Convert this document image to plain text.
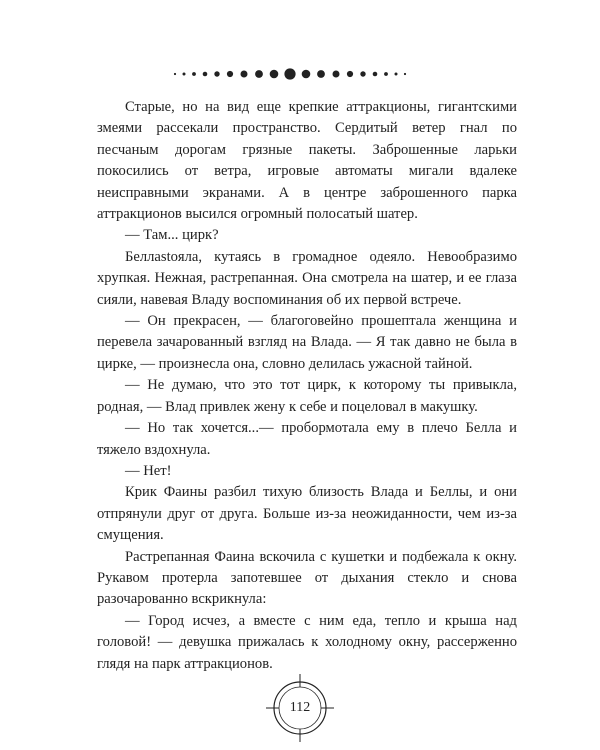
Старые, но на вид еще крепкие аттракционы, гигантскими змеями рассекали пространство. Сердитый ветер гнал по песчаным дорогам грязные пакеты. Заброшенные ларьки покосились от ветра, игровые автоматы мигали вдалеке неисправными экранами. А в центре заброшенного парка аттракционов высился огромный полосатый шатер.

— Там... цирк?

Беллastoяла, кутаясь в громадное одеяло. Невообразимо хрупкая. Нежная, растрепанная. Она смотрела на шатер, и ее глаза сияли, навевая Владу воспоминания об их первой встрече.

— Он прекрасен, — благоговейно прошептала женщина и перевела зачарованный взгляд на Влада. — Я так давно не была в цирке, — произнесла она, словно делилась ужасной тайной.

— Не думаю, что это тот цирк, к которому ты привыкла, родная, — Влад привлек жену к себе и поцеловал в макушку.

— Но так хочется...— пробормотала ему в плечо Белла и тяжело вздохнула.

— Нет!

Крик Фаины разбил тихую близость Влада и Беллы, и они отпрянули друг от друга. Больше из-за неожиданности, чем из-за смущения.

Растрепанная Фаина вскочила с кушетки и подбежала к окну. Рукавом протерла запотевшее от дыхания стекло и снова разочарованно вскрикнула:

— Город исчез, а вместе с ним еда, тепло и крыша над головой! — девушка прижалась к холодному окну, рассерженно глядя на парк аттракционов.

112
